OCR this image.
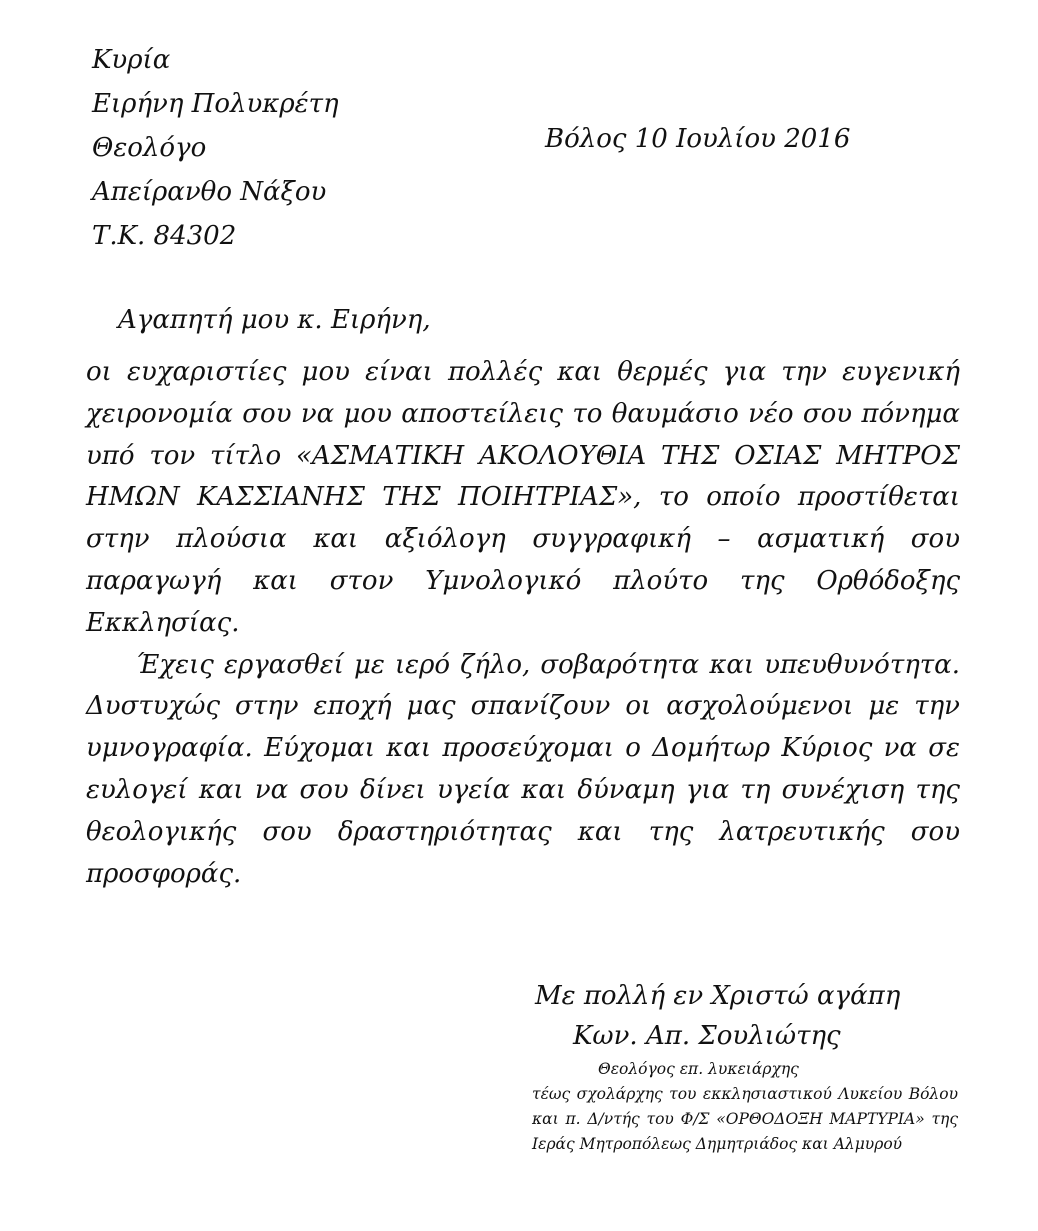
Κυρία
Ειρήνη Πολυκρέτη
Θεολόγο
Απείρανθο Νάξου
Τ.Κ. 84302
Βόλος 10 Ιουλίου 2016
Αγαπητή μου κ. Ειρήνη,

οι ευχαριστίες μου είναι πολλές και θερμές για την ευγενική χειρονομία σου να μου αποστείλεις το θαυμάσιο νέο σου πόνημα υπό τον τίτλο «ΑΣΜΑΤΙΚΗ ΑΚΟΛΟΥΘΙΑ ΤΗΣ ΟΣΙΑΣ ΜΗΤΡΟΣ ΗΜΩΝ ΚΑΣΣΙΑΝΗΣ ΤΗΣ ΠΟΙΗΤΡΙΑΣ», το οποίο προστίθεται στην πλούσια και αξιόλογη συγγραφική – ασματική σου παραγωγή και στον Υμνολογικό πλούτο της Ορθόδοξης Εκκλησίας.

Έχεις εργασθεί με ιερό ζήλο, σοβαρότητα και υπευθυνότητα. Δυστυχώς στην εποχή μας σπανίζουν οι ασχολούμενοι με την υμνογραφία. Εύχομαι και προσεύχομαι ο Δομήτωρ Κύριος να σε ευλογεί και να σου δίνει υγεία και δύναμη για τη συνέχιση της θεολογικής σου δραστηριότητας και της λατρευτικής σου προσφοράς.

Με πολλή εν Χριστώ αγάπη
Κων. Απ. Σουλιώτης
Θεολόγος επ. λυκειάρχης
τέως σχολάρχης του εκκλησιαστικού Λυκείου Βόλου και π. Δ/ντής του Φ/Σ «ΟΡΘΟΔΟΞΗ ΜΑΡΤΥΡΙΑ» της Ιεράς Μητροπόλεως Δημητριάδος και Αλμυρού
